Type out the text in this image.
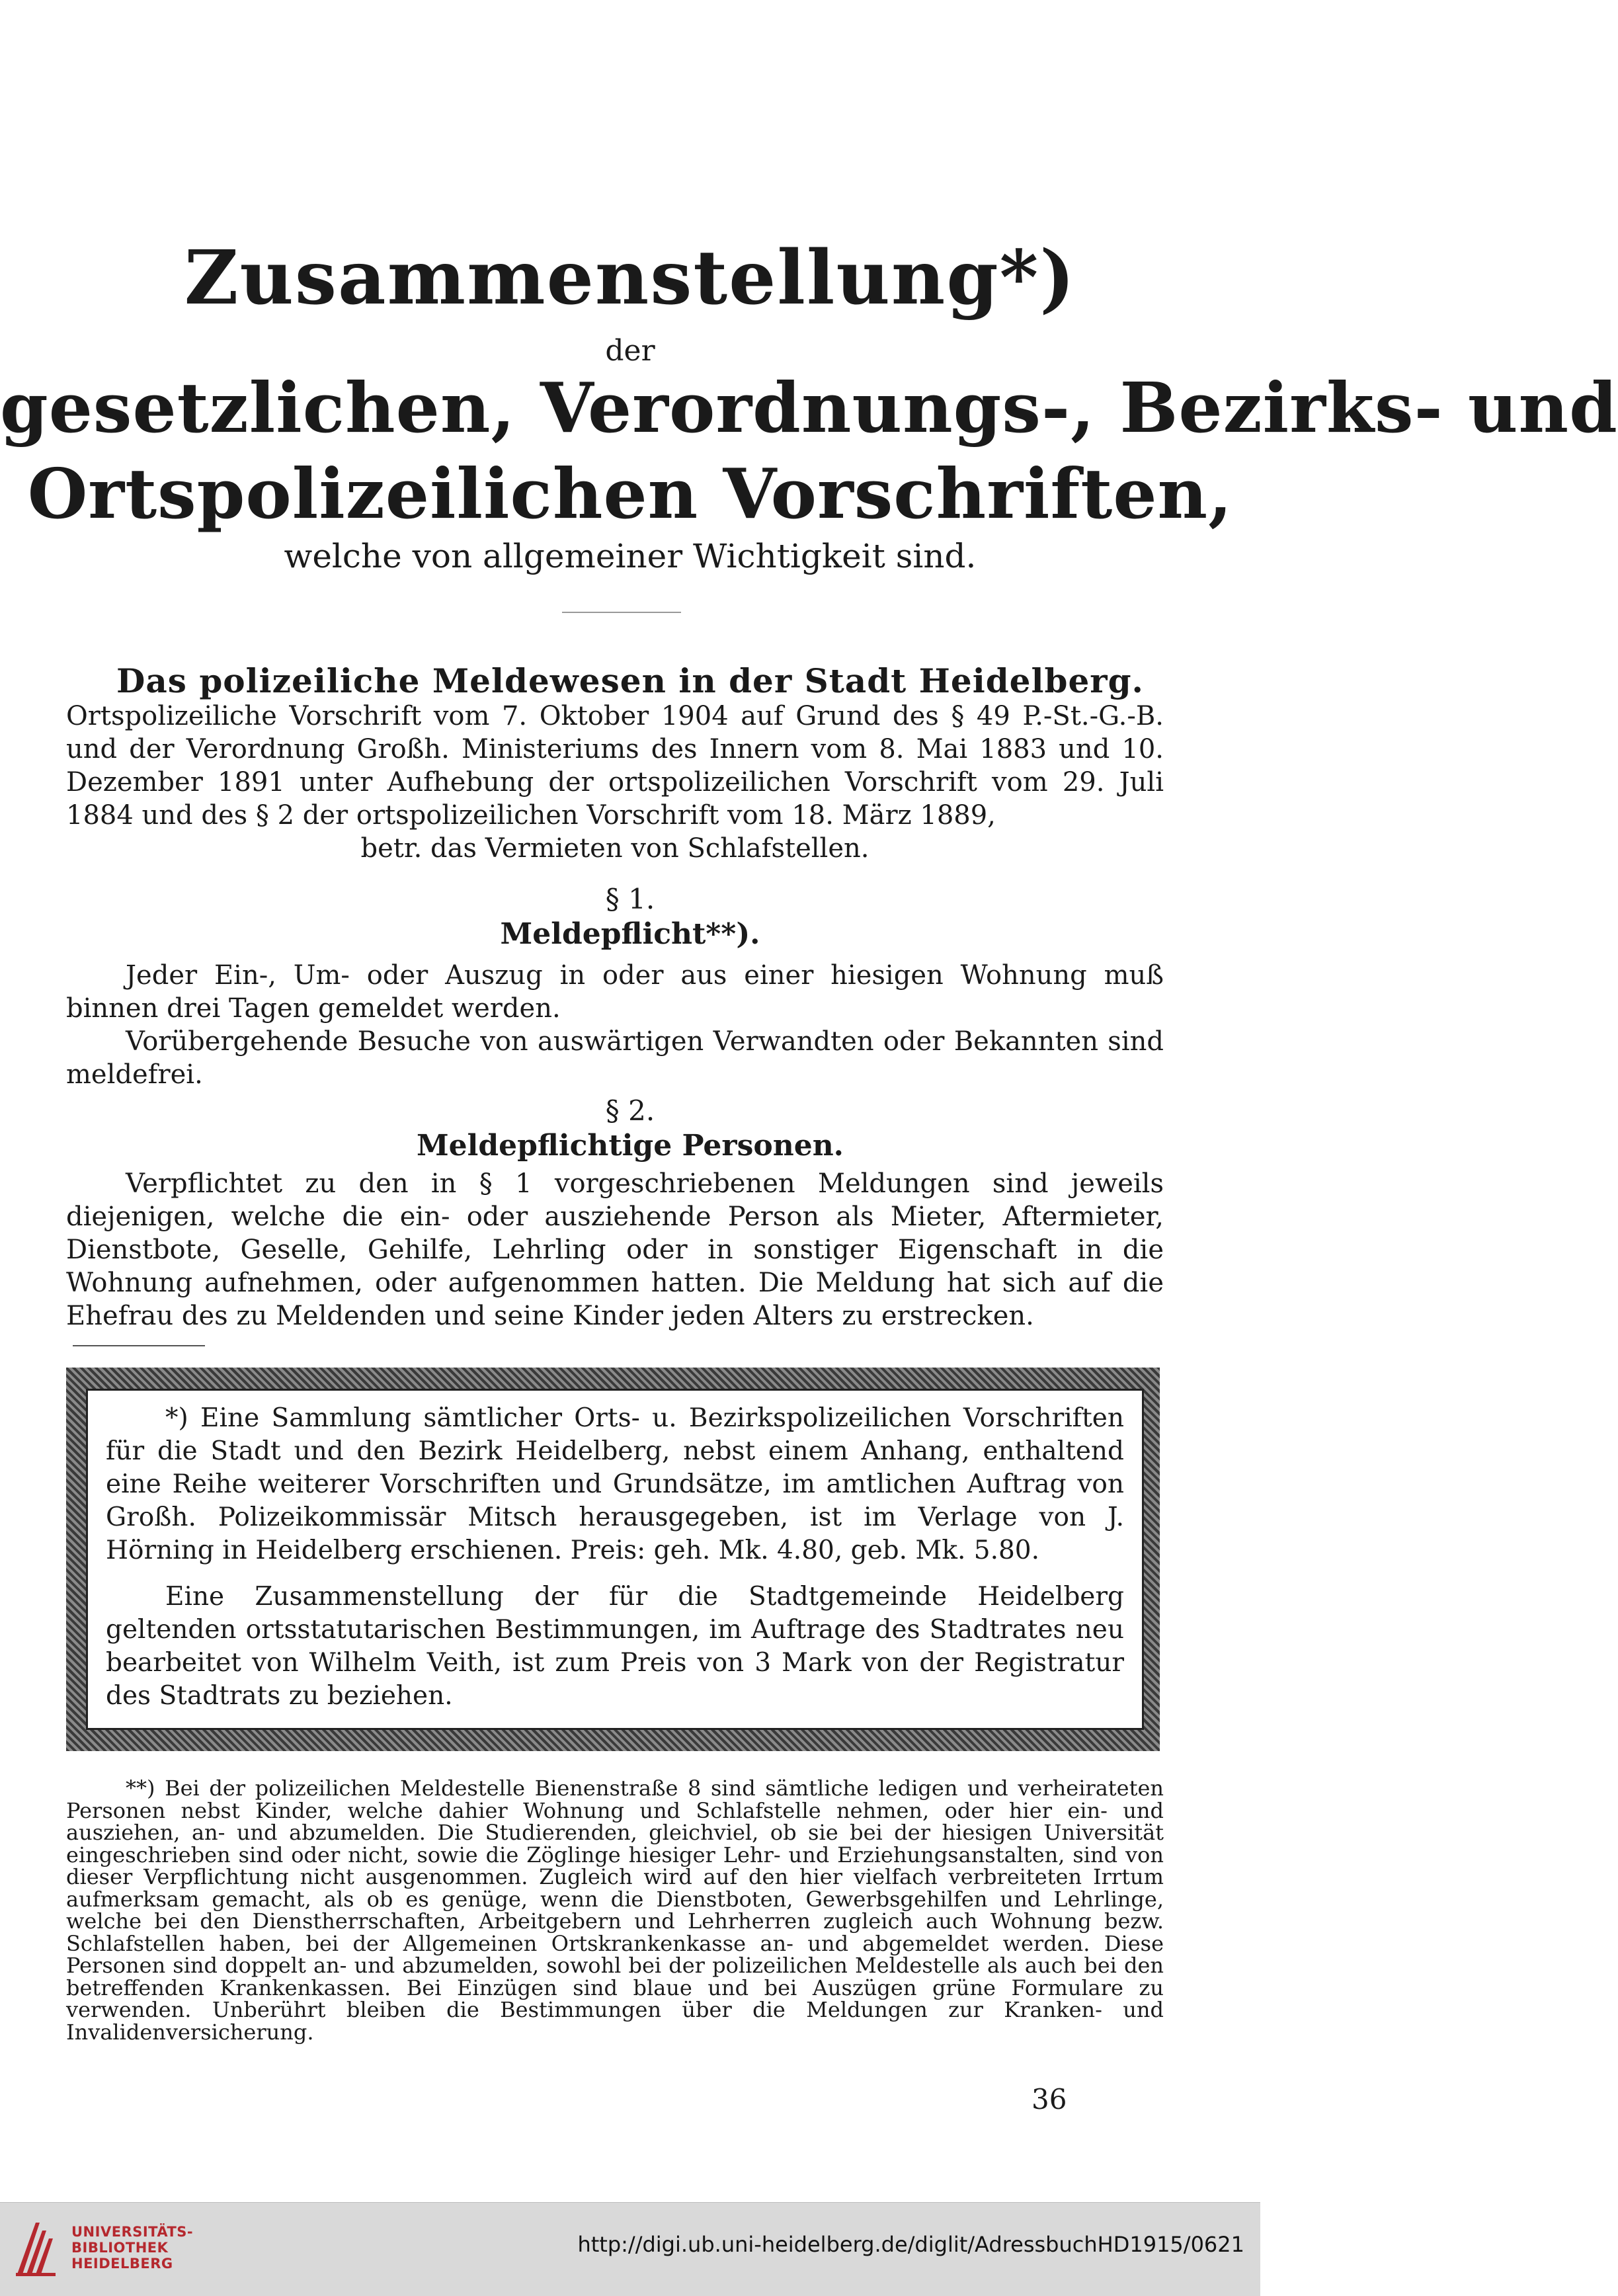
Zusammenstellung*)
der
gesetzlichen, Verordnungs-, Bezirks- und
Ortspolizeilichen Vorschriften,
welche von allgemeiner Wichtigkeit sind.
Das polizeiliche Meldewesen in der Stadt Heidelberg.
Ortspolizeiliche Vorschrift vom 7. Oktober 1904 auf Grund des § 49 P.-St.-G.-B. und der Verordnung Großh. Ministeriums des Innern vom 8. Mai 1883 und 10. Dezember 1891 unter Aufhebung der ortspolizeilichen Vorschrift vom 29. Juli 1884 und des § 2 der ortspolizeilichen Vorschrift vom 18. März 1889,
betr. das Vermieten von Schlafstellen.
§ 1.
Meldepflicht**).
Jeder Ein-, Um- oder Auszug in oder aus einer hiesigen Wohnung muß binnen drei Tagen gemeldet werden.
Vorübergehende Besuche von auswärtigen Verwandten oder Bekannten sind meldefrei.
§ 2.
Meldepflichtige Personen.
Verpflichtet zu den in § 1 vorgeschriebenen Meldungen sind jeweils diejenigen, welche die ein- oder ausziehende Person als Mieter, Aftermieter, Dienstbote, Geselle, Gehilfe, Lehrling oder in sonstiger Eigenschaft in die Wohnung aufnehmen, oder aufgenommen hatten. Die Meldung hat sich auf die Ehefrau des zu Meldenden und seine Kinder jeden Alters zu erstrecken.
*) Eine Sammlung sämtlicher Orts- u. Bezirkspolizeilichen Vorschriften für die Stadt und den Bezirk Heidelberg, nebst einem Anhang, enthaltend eine Reihe weiterer Vorschriften und Grundsätze, im amtlichen Auftrag von Großh. Polizeikommissär Mitsch herausgegeben, ist im Verlage von J. Hörning in Heidelberg erschienen. Preis: geh. Mk. 4.80, geb. Mk. 5.80.
Eine Zusammenstellung der für die Stadtgemeinde Heidelberg geltenden ortsstatutarischen Bestimmungen, im Auftrage des Stadtrates neu bearbeitet von Wilhelm Veith, ist zum Preis von 3 Mark von der Registratur des Stadtrats zu beziehen.
**) Bei der polizeilichen Meldestelle Bienenstraße 8 sind sämtliche ledigen und verheirateten Personen nebst Kinder, welche dahier Wohnung und Schlafstelle nehmen, oder hier ein- und ausziehen, an- und abzumelden. Die Studierenden, gleichviel, ob sie bei der hiesigen Universität eingeschrieben sind oder nicht, sowie die Zöglinge hiesiger Lehr- und Erziehungsanstalten, sind von dieser Verpflichtung nicht ausgenommen. Zugleich wird auf den hier vielfach verbreiteten Irrtum aufmerksam gemacht, als ob es genüge, wenn die Dienstboten, Gewerbsgehilfen und Lehrlinge, welche bei den Dienstherrschaften, Arbeitgebern und Lehrherren zugleich auch Wohnung bezw. Schlafstellen haben, bei der Allgemeinen Ortskrankenkasse an- und abgemeldet werden. Diese Personen sind doppelt an- und abzumelden, sowohl bei der polizeilichen Meldestelle als auch bei den betreffenden Krankenkassen. Bei Einzügen sind blaue und bei Auszügen grüne Formulare zu verwenden. Unberührt bleiben die Bestimmungen über die Meldungen zur Kranken- und Invalidenversicherung.
36
UNIVERSITÄTS-
BIBLIOTHEK
HEIDELBERG
http://digi.ub.uni-heidelberg.de/diglit/AdressbuchHD1915/0621
